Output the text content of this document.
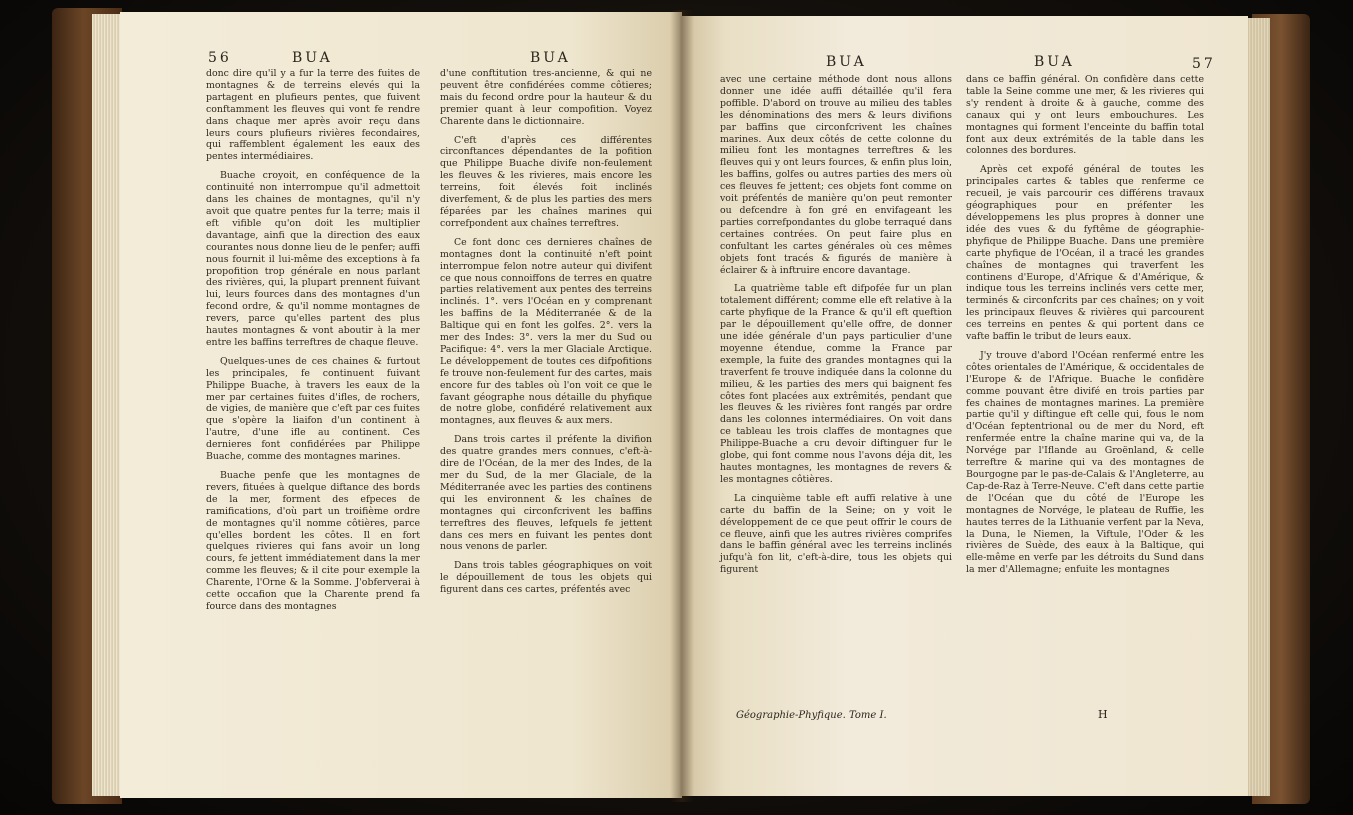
56	BUA	BUA

donc dire qu'il y a fur la terre des fuites de montagnes & de terreins elevés qui la partagent en plufieurs pentes, que fuivent conftamment les fleuves qui vont fe rendre dans chaque mer après avoir reçu dans leurs cours plufieurs rivières fecondaires, qui raffemblent également les eaux des pentes intermédiaires.

Buache croyoit, en conféquence de la continuité non interrompue qu'il admettoit dans les chaines de montagnes, qu'il n'y avoit que quatre pentes fur la terre; mais il eft vifible qu'on doit les multiplier davantage, ainfi que la direction des eaux courantes nous donne lieu de le penfer; auffi nous fournit il lui-même des exceptions à fa propofition trop générale en nous parlant des rivières, qui, la plupart prennent fuivant lui, leurs fources dans des montagnes d'un fecond ordre, & qu'il nomme montagnes de revers, parce qu'elles partent des plus hautes montagnes & vont aboutir à la mer entre les baffins terreftres de chaque fleuve.

Quelques-unes de ces chaines & furtout les principales, fe continuent fuivant Philippe Buache, à travers les eaux de la mer par certaines fuites d'ifles, de rochers, de vigies, de manière que c'eft par ces fuites que s'opère la liaifon d'un continent à l'autre, d'une ifle au continent. Ces dernieres font confidérées par Philippe Buache, comme des montagnes marines.

Buache penfe que les montagnes de revers, fituées à quelque diftance des bords de la mer, forment des efpeces de ramifications, d'où part un troifième ordre de montagnes qu'il nomme côtières, parce qu'elles bordent les côtes. Il en fort quelques rivieres qui fans avoir un long cours, fe jettent immédiatement dans la mer comme les fleuves; & il cite pour exemple la Charente, l'Orne & la Somme. J'obferverai à cette occafion que la Charente prend fa fource dans des montagnes

d'une conftitution tres-ancienne, & qui ne peuvent être confidérées comme côtieres; mais du fecond ordre pour la hauteur & du premier quant à leur compofition. Voyez Charente dans le dictionnaire.

C'eft d'après ces différentes circonftances dépendantes de la pofition que Philippe Buache divife non-feulement les fleuves & les rivieres, mais encore les terreins, foit élevés foit inclinés diverfement, & de plus les parties des mers féparées par les chaînes marines qui correfpondent aux chaînes terreftres.

Ce font donc ces dernieres chaînes de montagnes dont la continuité n'eft point interrompue felon notre auteur qui divifent ce que nous connoiffons de terres en quatre parties relativement aux pentes des terreins inclinés. 1°. vers l'Océan en y comprenant les baffins de la Méditerranée & de la Baltique qui en font les golfes. 2°. vers la mer des Indes: 3°. vers la mer du Sud ou Pacifique: 4°. vers la mer Glaciale Arctique. Le développement de toutes ces difpofitions fe trouve non-feulement fur des cartes, mais encore fur des tables où l'on voit ce que le favant géographe nous détaille du phyfique de notre globe, confidéré relativement aux montagnes, aux fleuves & aux mers.

Dans trois cartes il préfente la divifion des quatre grandes mers connues, c'eft-à-dire de l'Océan, de la mer des Indes, de la mer du Sud, de la mer Glaciale, de la Méditerranée avec les parties des continens qui les environnent & les chaînes de montagnes qui circonfcrivent les baffins terreftres des fleuves, lefquels fe jettent dans ces mers en fuivant les pentes dont nous venons de parler.

Dans trois tables géographiques on voit le dépouillement de tous les objets qui figurent dans ces cartes, préfentés avec

BUA	BUA	57

avec une certaine méthode dont nous allons donner une idée auffi détaillée qu'il fera poffible. D'abord on trouve au milieu des tables les dénominations des mers & leurs divifions par baffins que circonfcrivent les chaînes marines. Aux deux côtés de cette colonne du milieu font les montagnes terreftres & les fleuves qui y ont leurs fources, & enfin plus loin, les baffins, golfes ou autres parties des mers où ces fleuves fe jettent; ces objets font comme on voit préfentés de manière qu'on peut remonter ou defcendre à fon gré en envifageant les parties correfpondantes du globe terraqué dans certaines contrées. On peut faire plus en confultant les cartes générales où ces mêmes objets font tracés & figurés de manière à éclairer & à inftruire encore davantage.

La quatrième table eft difpofée fur un plan totalement différent; comme elle eft relative à la carte phyfique de la France & qu'il eft queftion par le dépouillement qu'elle offre, de donner une idée générale d'un pays particulier d'une moyenne étendue, comme la France par exemple, la fuite des grandes montagnes qui la traverfent fe trouve indiquée dans la colonne du milieu, & les parties des mers qui baignent fes côtes font placées aux extrêmités, pendant que les fleuves & les rivières font rangés par ordre dans les colonnes intermédiaires. On voit dans ce tableau les trois claffes de montagnes que Philippe-Buache a cru devoir diftinguer fur le globe, qui font comme nous l'avons déja dit, les hautes montagnes, les montagnes de revers & les montagnes côtières.

La cinquième table eft auffi relative à une carte du baffin de la Seine; on y voit le développement de ce que peut offrir le cours de ce fleuve, ainfi que les autres rivières comprifes dans le baffin général avec les terreins inclinés jufqu'à fon lit, c'eft-à-dire, tous les objets qui figurent

dans ce baffin général. On confidère dans cette table la Seine comme une mer, & les rivieres qui s'y rendent à droite & à gauche, comme des canaux qui y ont leurs embouchures. Les montagnes qui forment l'enceinte du baffin total font aux deux extrémités de la table dans les colonnes des bordures.

Après cet expofé général de toutes les principales cartes & tables que renferme ce recueil, je vais parcourir ces différens travaux géographiques pour en préfenter les développemens les plus propres à donner une idée des vues & du fyftême de géographie-phyfique de Philippe Buache. Dans une première carte phyfique de l'Océan, il a tracé les grandes chaînes de montagnes qui traverfent les continens d'Europe, d'Afrique & d'Amérique, & indique tous les terreins inclinés vers cette mer, terminés & circonfcrits par ces chaînes; on y voit les principaux fleuves & rivières qui parcourent ces terreins en pentes & qui portent dans ce vafte baffin le tribut de leurs eaux.

J'y trouve d'abord l'Océan renfermé entre les côtes orientales de l'Amérique, & occidentales de l'Europe & de l'Afrique. Buache le confidère comme pouvant être divifé en trois parties par fes chaines de montagnes marines. La première partie qu'il y diftingue eft celle qui, fous le nom d'Océan feptentrional ou de mer du Nord, eft renfermée entre la chaîne marine qui va, de la Norvége par l'Iflande au Groënland, & celle terreftre & marine qui va des montagnes de Bourgogne par le pas-de-Calais & l'Angleterre, au Cap-de-Raz à Terre-Neuve. C'eft dans cette partie de l'Océan que du côté de l'Europe les montagnes de Norvége, le plateau de Ruffie, les hautes terres de la Lithuanie verfent par la Neva, la Duna, le Niemen, la Viftule, l'Oder & les rivières de Suède, des eaux à la Baltique, qui elle-même en verfe par les détroits du Sund dans la mer d'Allemagne; enfuite les montagnes

Géographie-Phyfique. Tome I.	H
